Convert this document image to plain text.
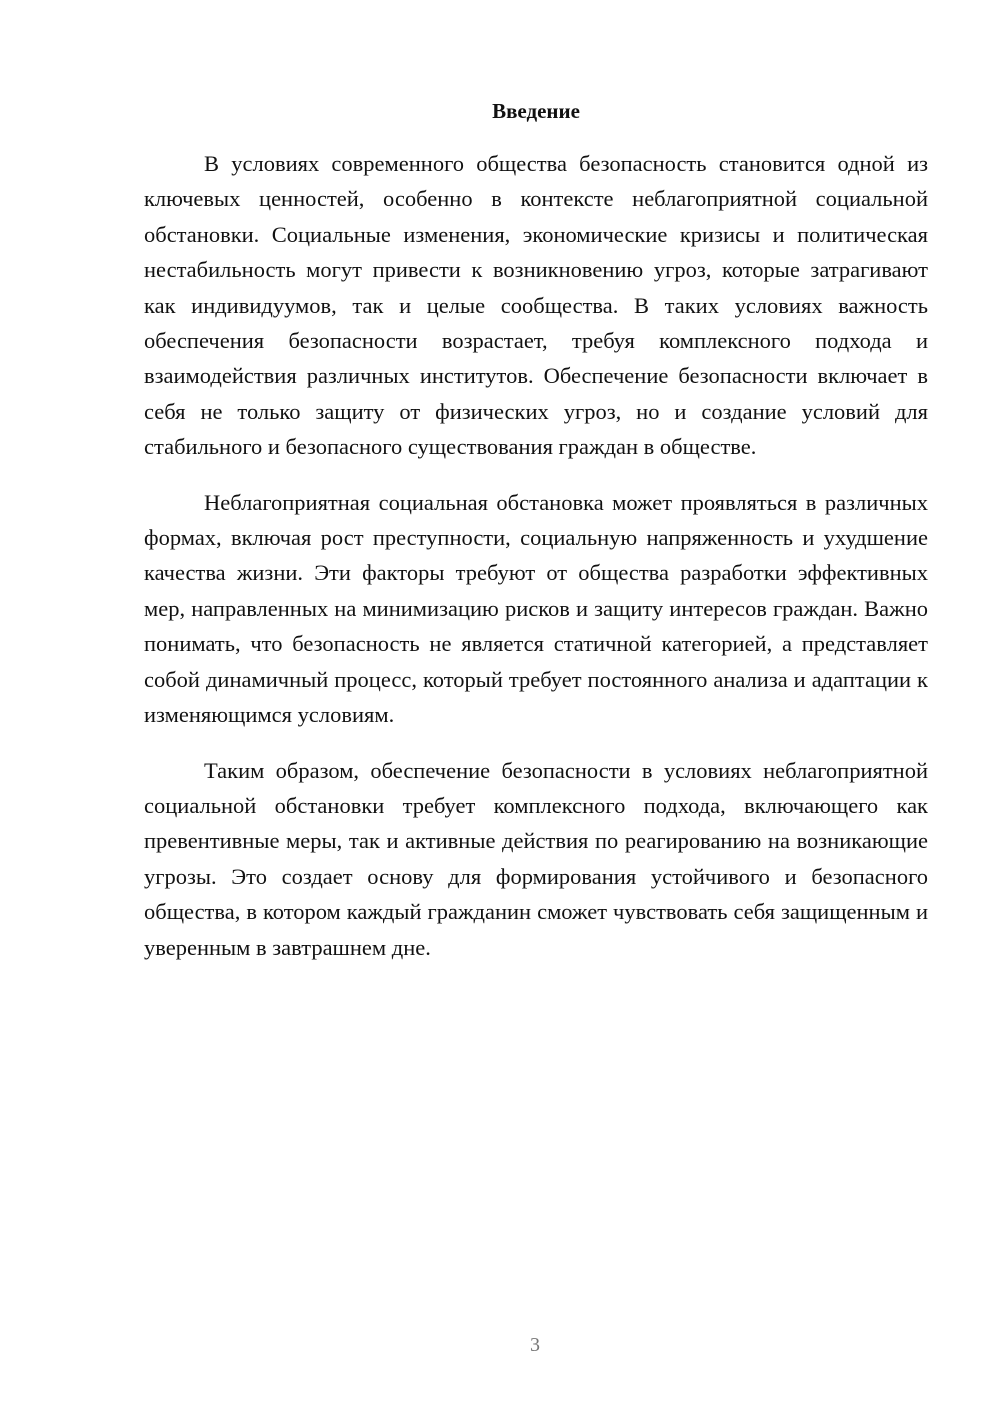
Введение

В условиях современного общества безопасность становится одной из ключевых ценностей, особенно в контексте неблагоприятной социальной обстановки. Социальные изменения, экономические кризисы и политическая нестабильность могут привести к возникновению угроз, которые затрагивают как индивидуумов, так и целые сообщества. В таких условиях важность обеспечения безопасности возрастает, требуя комплексного подхода и взаимодействия различных институтов. Обеспечение безопасности включает в себя не только защиту от физических угроз, но и создание условий для стабильного и безопасного существования граждан в обществе.

Неблагоприятная социальная обстановка может проявляться в различных формах, включая рост преступности, социальную напряженность и ухудшение качества жизни. Эти факторы требуют от общества разработки эффективных мер, направленных на минимизацию рисков и защиту интересов граждан. Важно понимать, что безопасность не является статичной категорией, а представляет собой динамичный процесс, который требует постоянного анализа и адаптации к изменяющимся условиям.

Таким образом, обеспечение безопасности в условиях неблагоприятной социальной обстановки требует комплексного подхода, включающего как превентивные меры, так и активные действия по реагированию на возникающие угрозы. Это создает основу для формирования устойчивого и безопасного общества, в котором каждый гражданин сможет чувствовать себя защищенным и уверенным в завтрашнем дне.

3
